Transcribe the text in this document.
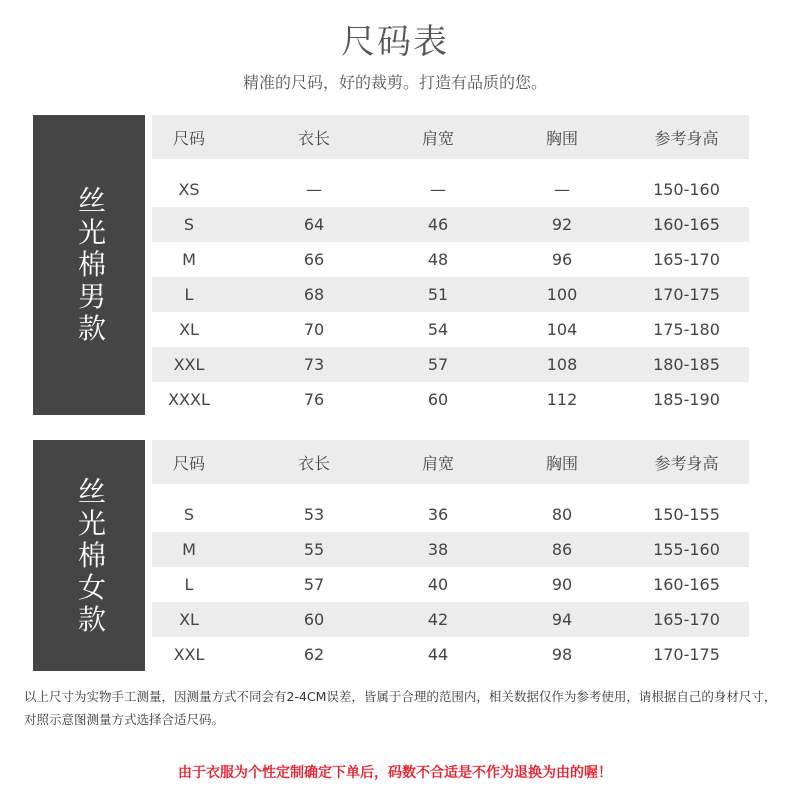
尺码表
精准的尺码，好的裁剪。打造有品质的您。
丝光棉男款
尺码	衣长	肩宽	胸围	参考身高
XS	—	—	—	150-160
S	64	46	92	160-165
M	66	48	96	165-170
L	68	51	100	170-175
XL	70	54	104	175-180
XXL	73	57	108	180-185
XXXL	76	60	112	185-190
丝光棉女款
尺码	衣长	肩宽	胸围	参考身高
S	53	36	80	150-155
M	55	38	86	155-160
L	57	40	90	160-165
XL	60	42	94	165-170
XXL	62	44	98	170-175
以上尺寸为实物手工测量，因测量方式不同会有2-4CM误差，皆属于合理的范围内，相关数据仅作为参考使用，请根据自己的身材尺寸，对照示意图测量方式选择合适尺码。
由于衣服为个性定制确定下单后，码数不合适是不作为退换为由的喔！
